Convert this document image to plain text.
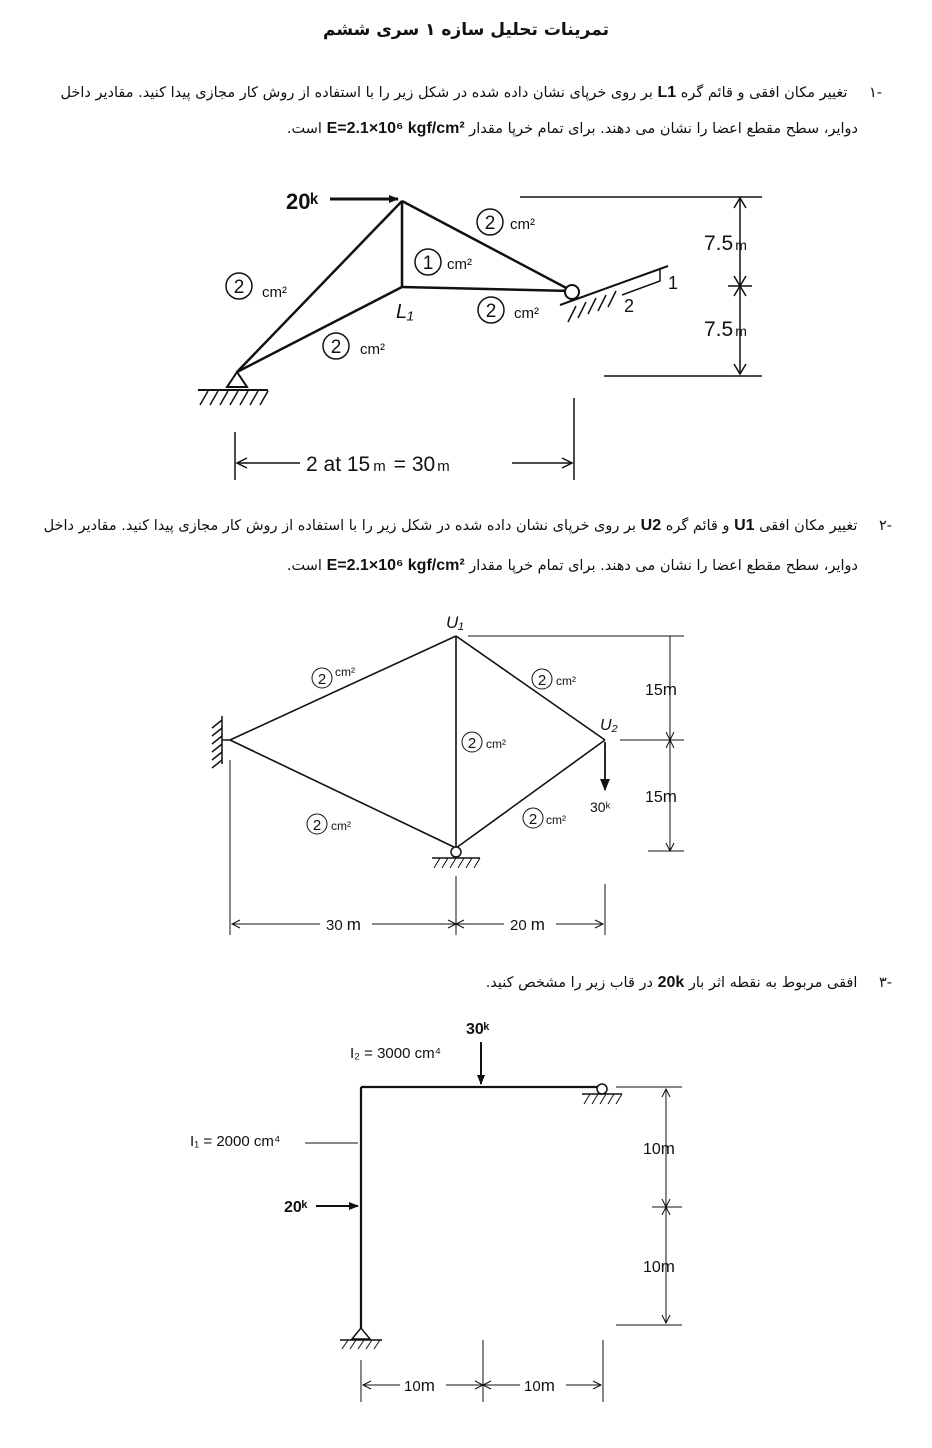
تمرینات تحلیل سازه ۱ سری ششم
-۱ تغییر مکان افقی و قائم گره L1 بر روی خرپای نشان داده شده در شکل زیر را با استفاده از روش کار مجازی پیدا کنید. مقادیر داخل
دوایر، سطح مقطع اعضا را نشان می دهند. برای تمام خرپا مقدار E=2.1×10⁶ kgf/cm² است.
1
2
20ᵏ
2 cm²
1 cm²
2 cm²
2 cm²
2 cm²
L₁
7.5 m
7.5 m
2 at 15 m = 30 m
-۲ تغییر مکان افقی U1 و قائم گره U2 بر روی خرپای نشان داده شده در شکل زیر را با استفاده از روش کار مجازی پیدا کنید. مقادیر داخل
دوایر، سطح مقطع اعضا را نشان می دهند. برای تمام خرپا مقدار E=2.1×10⁶ kgf/cm² است.
30ᵏ
U₁
U₂
2 cm²	2 cm²
2 cm²
2 cm²	2 cm²
15m
15m
30 m	20 m
-۳ افقی مربوط به نقطه اثر بار 20k در قاب زیر را مشخص کنید.
30ᵏ
20ᵏ
I₂ = 3000 cm⁴
I₁ = 2000 cm⁴	10m
10m
10m	10m
